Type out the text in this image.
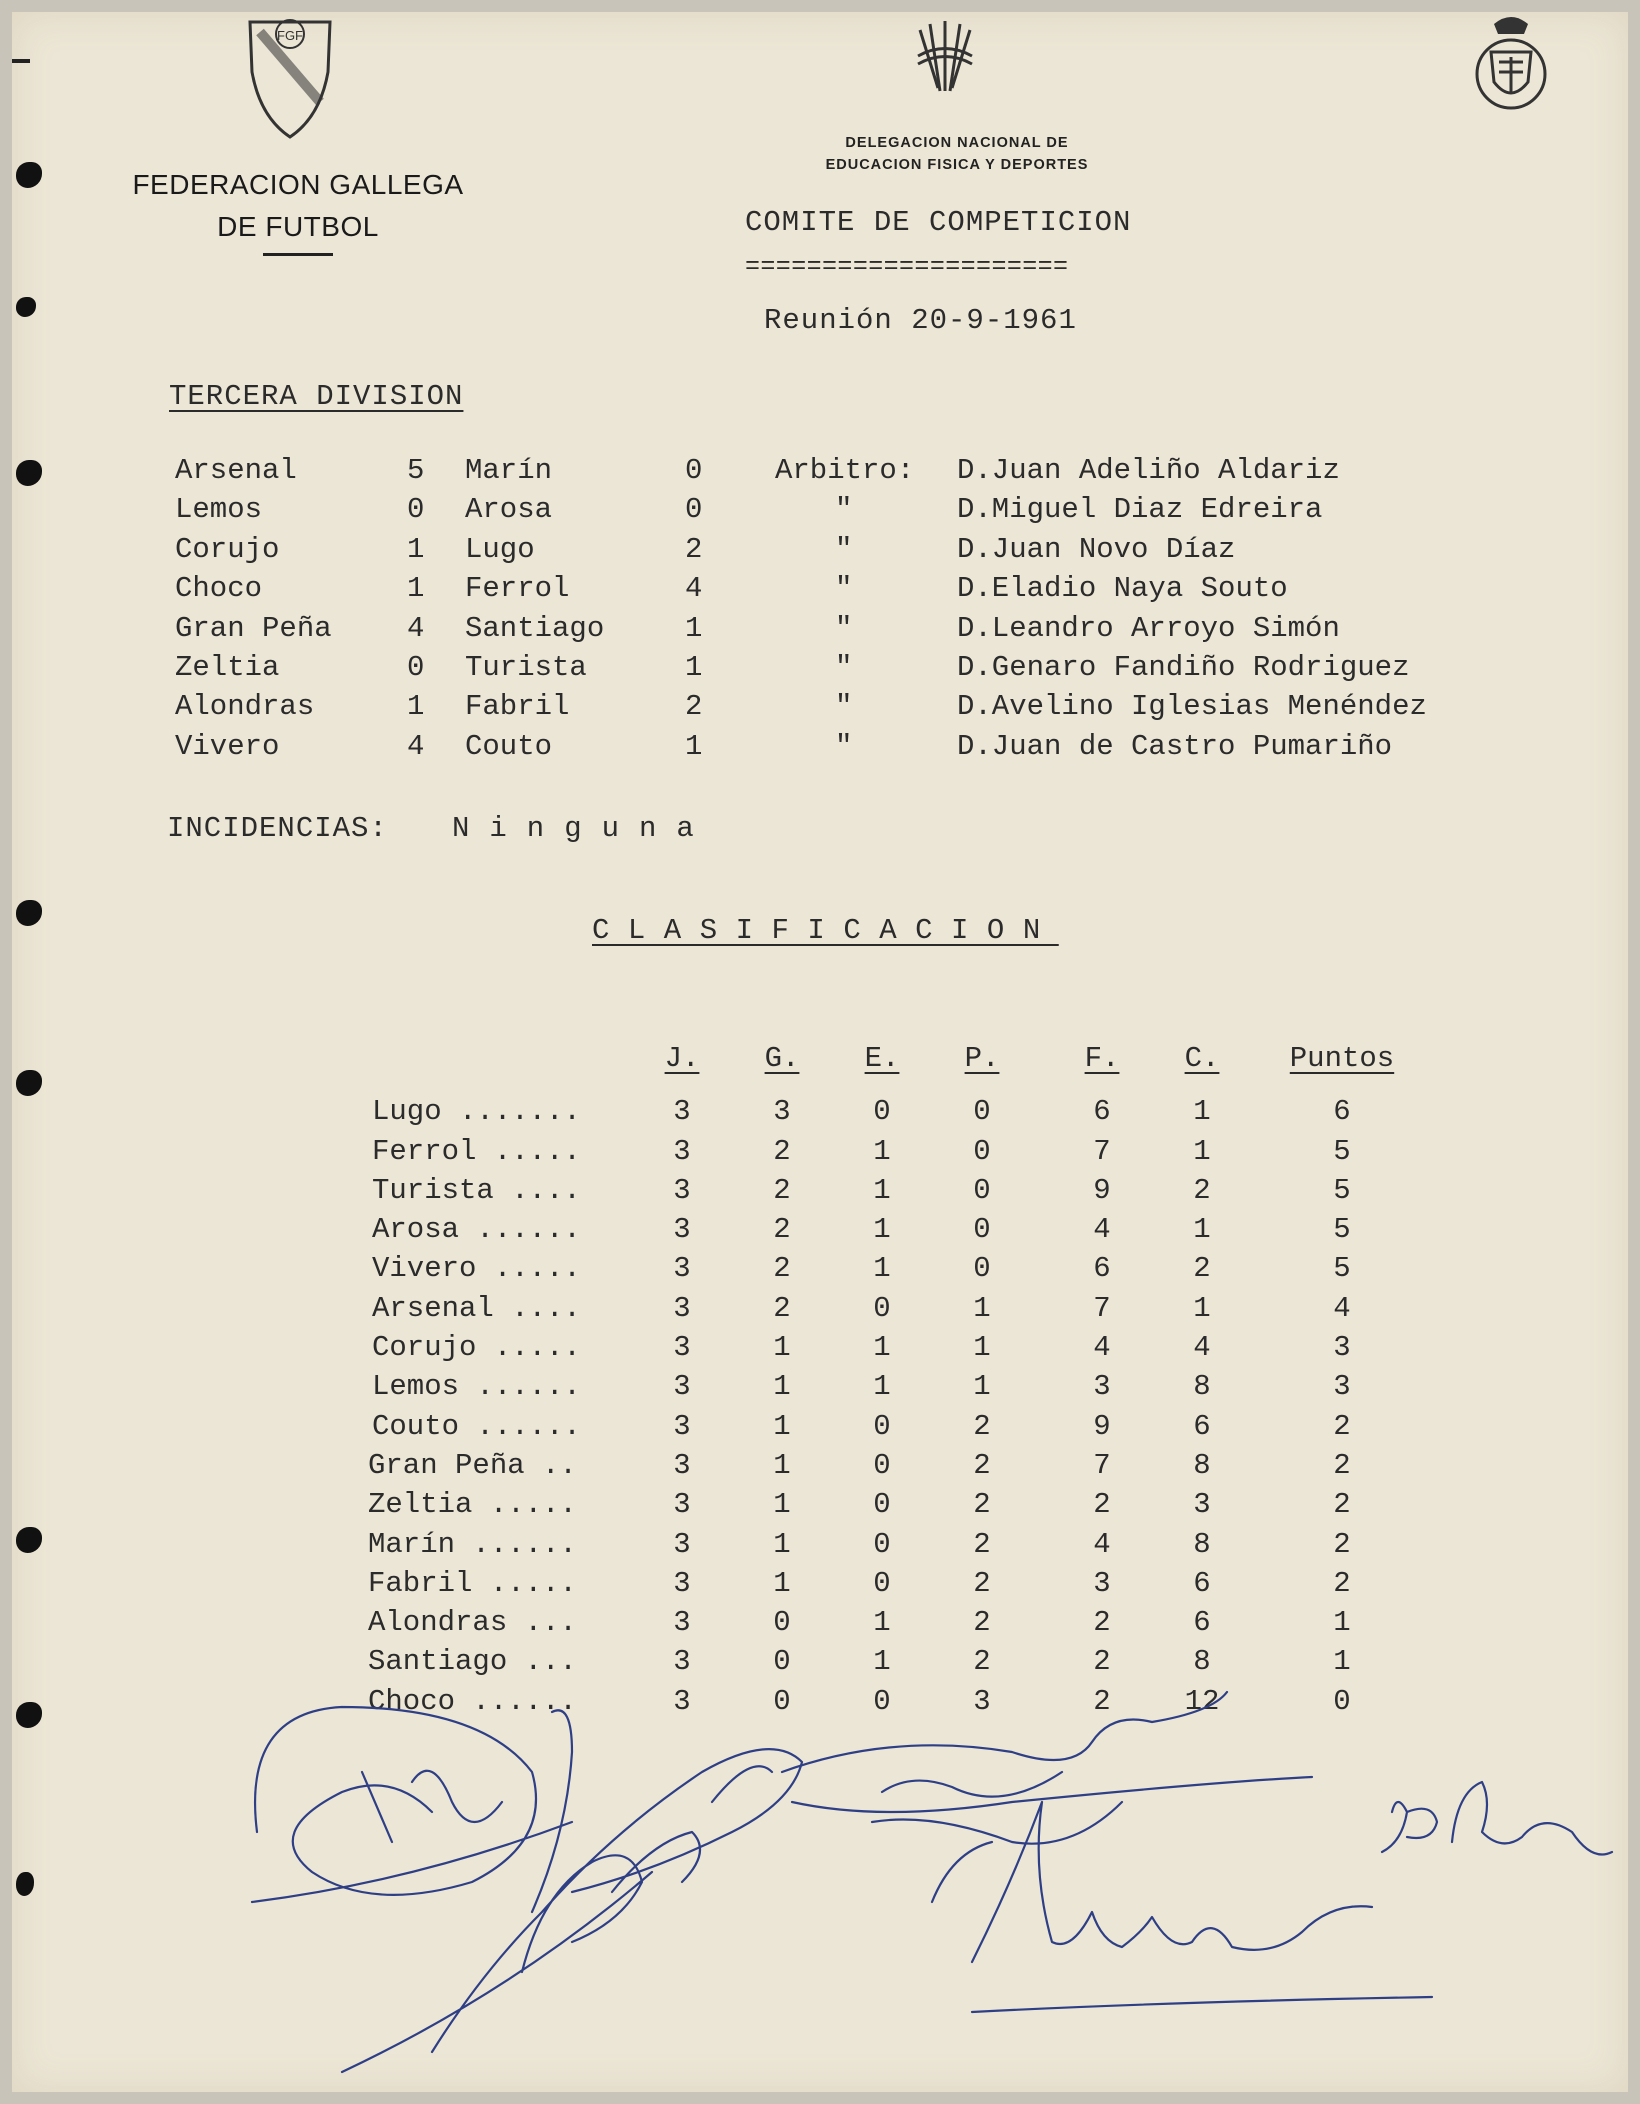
FGF
FEDERACION GALLEGA
DE FUTBOL
DELEGACION NACIONAL DE
EDUCACION FISICA Y DEPORTES
COMITE DE COMPETICION
=====================
Reunión 20-9-1961
TERCERA DIVISION
Arsenal	5 Marín	0	Arbitro: D.Juan Adeliño Aldariz
Lemos	0 Arosa	0	"	D.Miguel Diaz Edreira
Corujo	1 Lugo	2	"	D.Juan Novo Díaz
Choco	1 Ferrol	4	"	D.Eladio Naya Souto
Gran Peña	4 Santiago	1	"	D.Leandro Arroyo Simón
Zeltia	0 Turista	1	"	D.Genaro Fandiño Rodriguez
Alondras	1 Fabril	2	"	D.Avelino Iglesias Menéndez
Vivero	4 Couto	1	"	D.Juan de Castro Pumariño
INCIDENCIAS: Ninguna
CLASIFICACION
J.	G.	E.	P.	F.	C.	Puntos
Lugo .......	3	3	0	0	6	1	6
Ferrol .....	3	2	1	0	7	1	5
Turista ....	3	2	1	0	9	2	5
Arosa ......	3	2	1	0	4	1	5
Vivero .....	3	2	1	0	6	2	5
Arsenal ....	3	2	0	1	7	1	4
Corujo .....	3	1	1	1	4	4	3
Lemos ......	3	1	1	1	3	8	3
Couto ......	3	1	0	2	9	6	2
Gran Peña ..	3	1	0	2	7	8	2
Zeltia .....	3	1	0	2	2	3	2
Marín ......	3	1	0	2	4	8	2
Fabril .....	3	1	0	2	3	6	2
Alondras ...	3	0	1	2	2	6	1
Santiago ...	3	0	1	2	2	8	1
Choco ......	3	0	0	3	2	12	0
